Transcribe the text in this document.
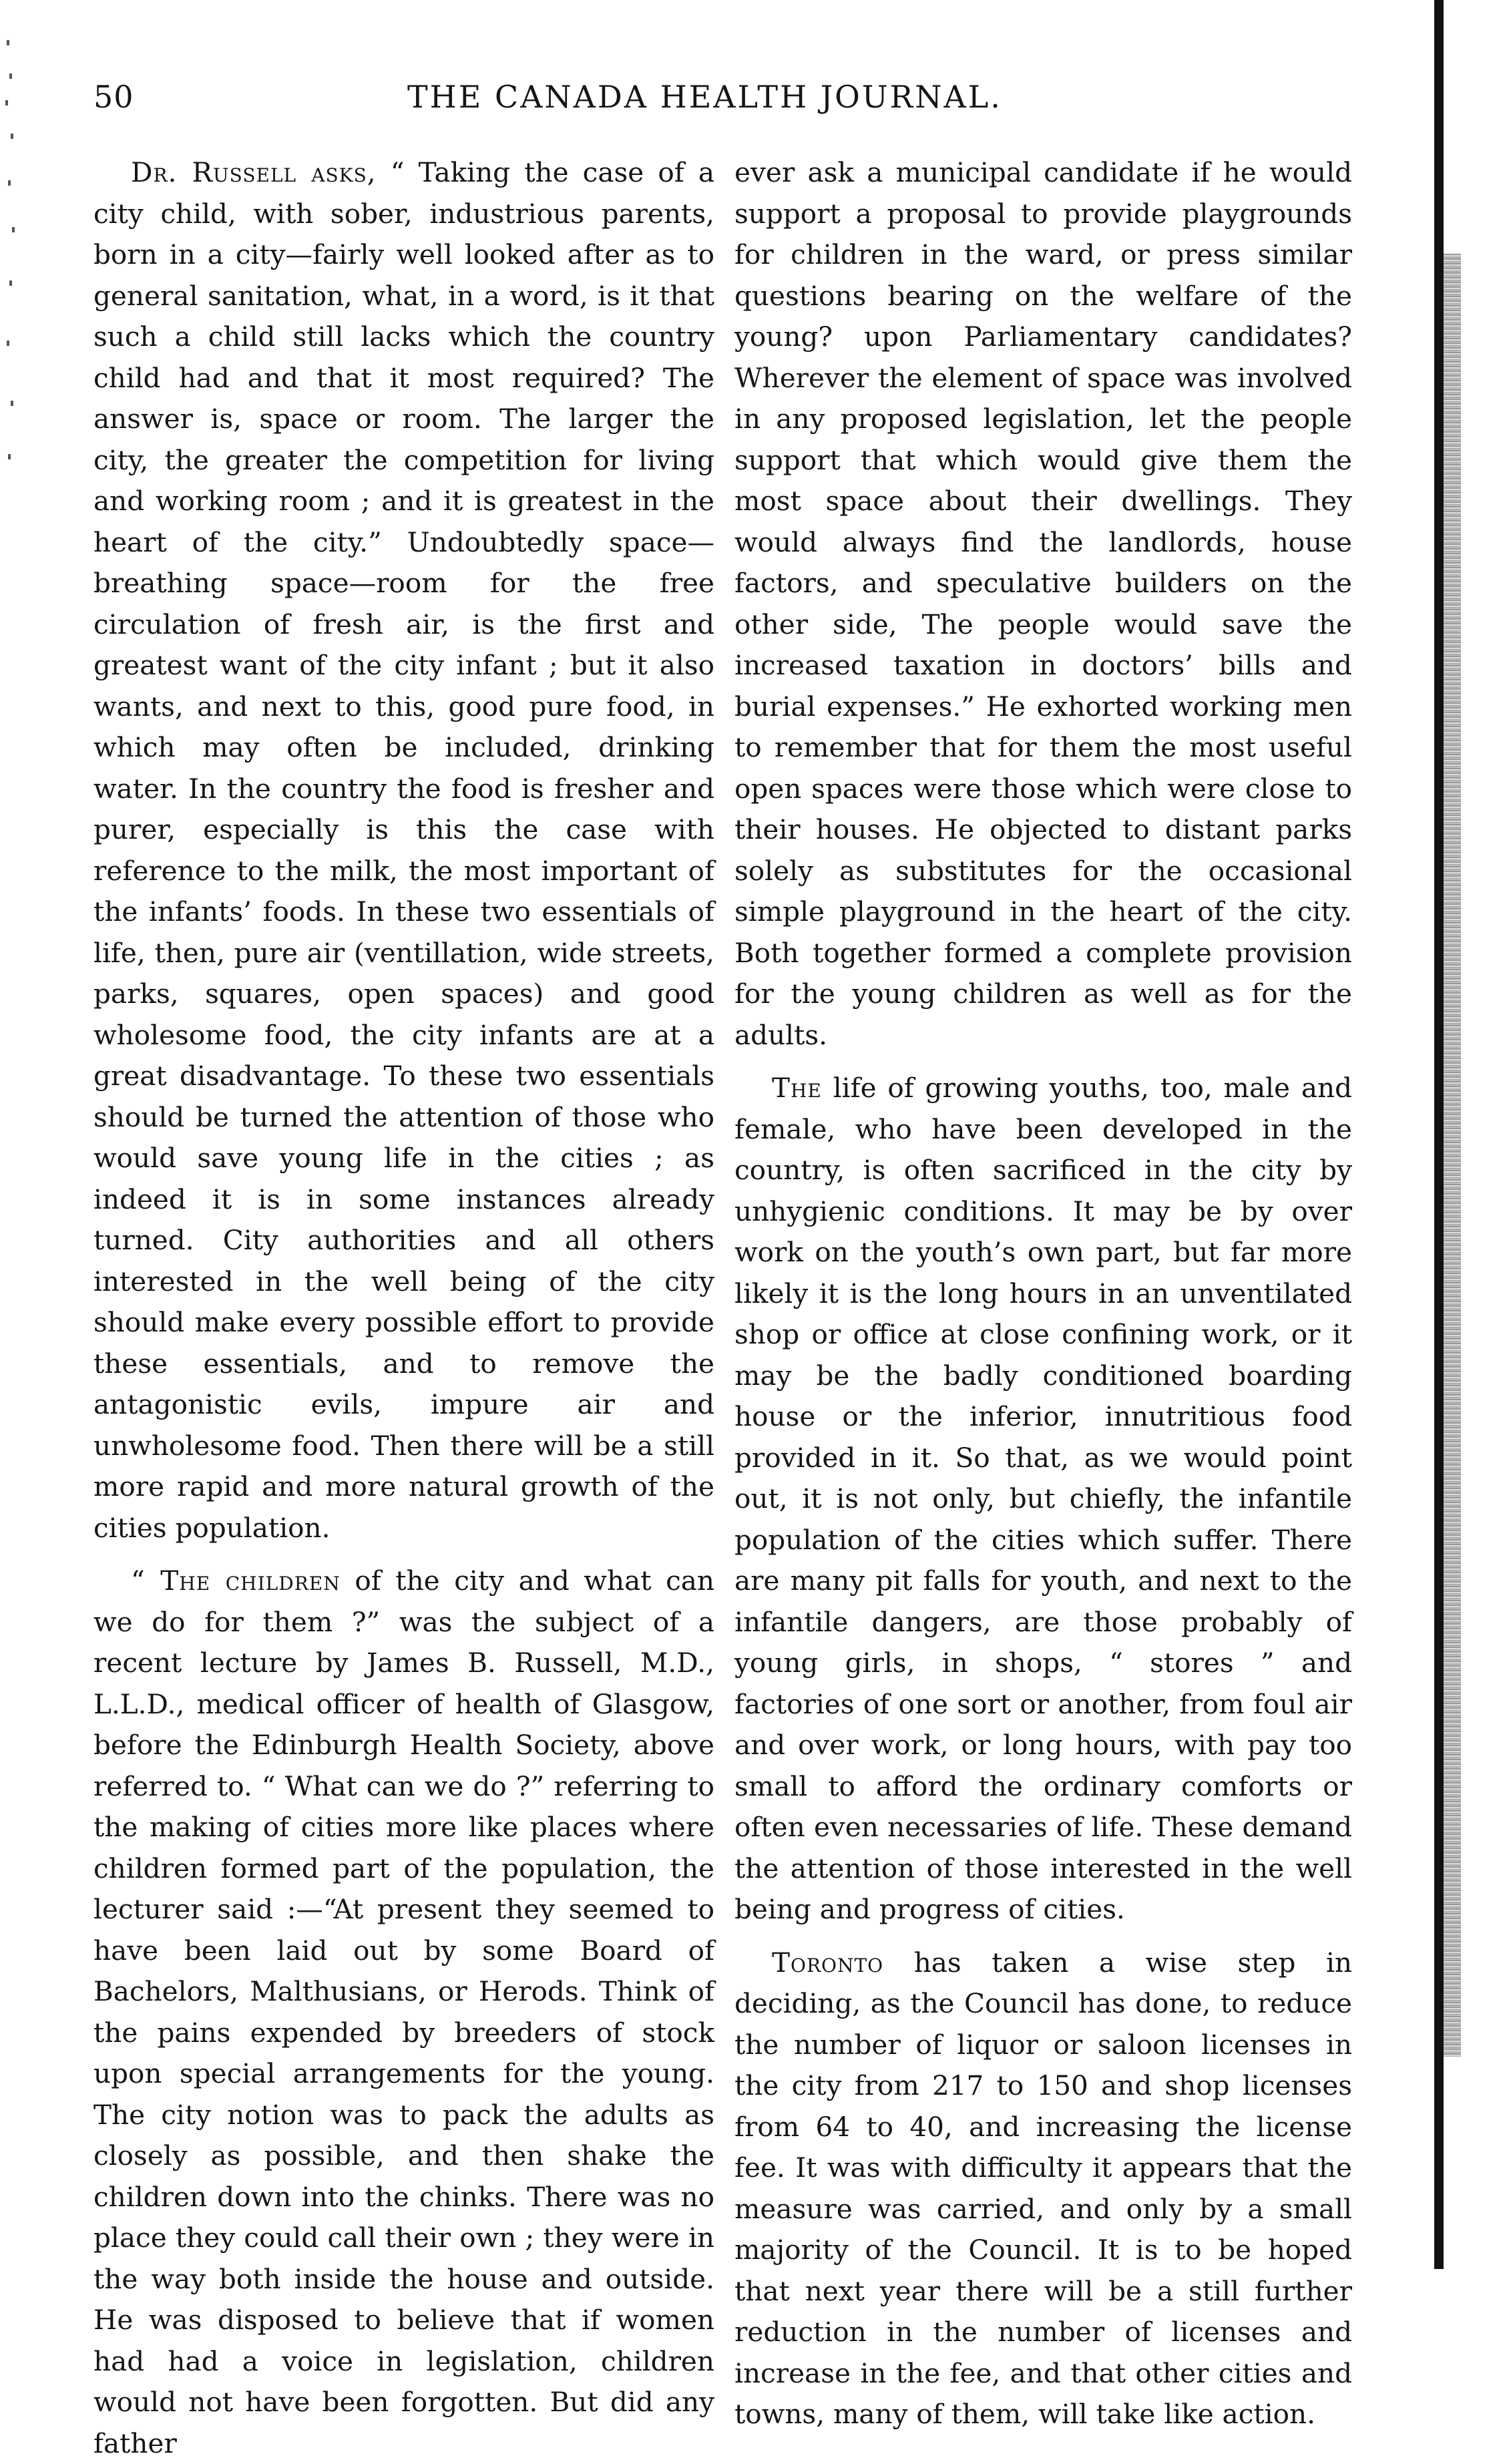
50	THE CANADA HEALTH JOURNAL.

Dr. Russell asks, “ Taking the case of a city child, with sober, industrious parents, born in a city—fairly well looked after as to general sanitation, what, in a word, is it that such a child still lacks which the country child had and that it most required? The answer is, space or room. The larger the city, the greater the competition for living and working room ; and it is greatest in the heart of the city.” Undoubtedly space—breathing space—room for the free circulation of fresh air, is the first and greatest want of the city infant ; but it also wants, and next to this, good pure food, in which may often be included, drinking water. In the country the food is fresher and purer, especially is this the case with reference to the milk, the most important of the infants’ foods. In these two essentials of life, then, pure air (ventillation, wide streets, parks, squares, open spaces) and good wholesome food, the city infants are at a great disadvantage. To these two essentials should be turned the attention of those who would save young life in the cities ; as indeed it is in some instances already turned. City authorities and all others interested in the well being of the city should make every possible effort to provide these essentials, and to remove the antagonistic evils, impure air and unwholesome food. Then there will be a still more rapid and more natural growth of the cities population.

“ The children of the city and what can we do for them ?” was the subject of a recent lecture by James B. Russell, M.D., L.L.D., medical officer of health of Glasgow, before the Edinburgh Health Society, above referred to. “ What can we do ?” referring to the making of cities more like places where children formed part of the population, the lecturer said :—“At present they seemed to have been laid out by some Board of Bachelors, Malthusians, or Herods. Think of the pains expended by breeders of stock upon special arrangements for the young. The city notion was to pack the adults as closely as possible, and then shake the children down into the chinks. There was no place they could call their own ; they were in the way both inside the house and outside. He was disposed to believe that if women had had a voice in legislation, children would not have been forgotten. But did any father

ever ask a municipal candidate if he would support a proposal to provide playgrounds for children in the ward, or press similar questions bearing on the welfare of the young? upon Parliamentary candidates? Wherever the element of space was involved in any proposed legislation, let the people support that which would give them the most space about their dwellings. They would always find the landlords, house factors, and speculative builders on the other side, The people would save the increased taxation in doctors’ bills and burial expenses.” He exhorted working men to remember that for them the most useful open spaces were those which were close to their houses. He objected to distant parks solely as substitutes for the occasional simple playground in the heart of the city. Both together formed a complete provision for the young children as well as for the adults.

The life of growing youths, too, male and female, who have been developed in the country, is often sacrificed in the city by unhygienic conditions. It may be by over work on the youth’s own part, but far more likely it is the long hours in an unventilated shop or office at close confining work, or it may be the badly conditioned boarding house or the inferior, innutritious food provided in it. So that, as we would point out, it is not only, but chiefly, the infantile population of the cities which suffer. There are many pit falls for youth, and next to the infantile dangers, are those probably of young girls, in shops, “ stores ” and factories of one sort or another, from foul air and over work, or long hours, with pay too small to afford the ordinary comforts or often even necessaries of life. These demand the attention of those interested in the well being and progress of cities.

Toronto has taken a wise step in deciding, as the Council has done, to reduce the number of liquor or saloon licenses in the city from 217 to 150 and shop licenses from 64 to 40, and increasing the license fee. It was with difficulty it appears that the measure was carried, and only by a small majority of the Council. It is to be hoped that next year there will be a still further reduction in the number of licenses and increase in the fee, and that other cities and towns, many of them, will take like action.
